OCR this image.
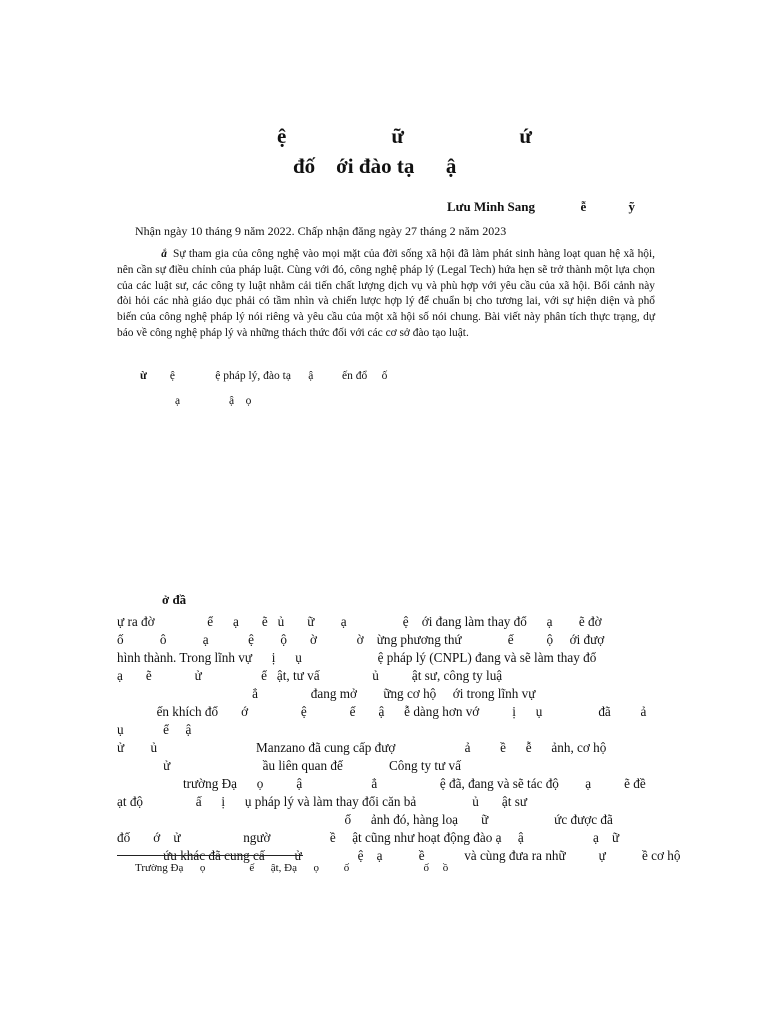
ệ                    ữ                      ứ
đố    ới đào tạ      ậ
Lưu Minh Sang              ễ             ỹ
Nhận ngày 10 tháng 9 năm 2022. Chấp nhận đăng ngày 27 tháng 2 năm 2023
ắ Sự tham gia của công nghệ vào mọi mặt của đời sống xã hội đã làm phát sinh hàng loạt quan hệ xã hội, nên cần sự điều chỉnh của pháp luật. Cùng với đó, công nghệ pháp lý (Legal Tech) hứa hẹn sẽ trở thành một lựa chọn của các luật sư, các công ty luật nhằm cải tiến chất lượng dịch vụ và phù hợp với yêu cầu của xã hội. Bối cảnh này đòi hỏi các nhà giáo dục phải có tầm nhìn và chiến lược hợp lý để chuẩn bị cho tương lai, với sự hiện diện và phổ biến của công nghệ pháp lý nói riêng và yêu cầu của một xã hội số nói chung. Bài viết này phân tích thực trạng, dự báo về công nghệ pháp lý và những thách thức đối với các cơ sở đào tạo luật.
ừ ệ              ệ pháp lý, đào tạ      ậ          ến đổ     ố
ạ                 ậ    ọ
ở đầ
ự ra đờ                ể      ạ       ẽ   ủ       ữ        ạ                 ệ    ới đang làm thay đổ      ạ        ẽ đờ
ố           ô           ạ            ệ        ộ       ờ            ờ    ừng phương thứ              ế          ộ     ới đượ
hình thành. Trong lĩnh vự      ị      ụ                       ệ pháp lý (CNPL) đang và sẽ làm thay đổ
ạ       ẽ             ử                  ể   ật, tư vấ                ủ          ật sư, công ty luậ
ẳ                đang mở        ững cơ hộ     ới trong lĩnh vự
ến khích đổ       ớ                ệ             ế       ậ      ễ dàng hơn vớ          ị      ụ                 đã         ả
ụ            ể     ậ
ử        ủ                              Manzano đã cung cấp đượ                     ả         ề      ễ      ảnh, cơ hộ
ử                            ầu liên quan đế              Công ty tư vấ
trường Đạ      ọ          ậ                     ẳ                   ệ đã, đang và sẽ tác độ        ạ          ẽ đề
ạt độ                ấ      ị      ụ pháp lý và làm thay đổi căn bả                 ủ       ật sư
ố      ảnh đó, hàng loạ       ữ                    ức được đã
đố       ớ    ử                   ngườ                  ề     ật cũng như hoạt động đào ạ     ậ                     ạ    ữ
ứu khác đã cung cấ         ử                 ệ    ạ           ề            và cùng đưa ra nhữ          ự           ề cơ hộ
Trường Đạ      ọ                ế      ật, Đạ      ọ         ố                           ố     ồ
